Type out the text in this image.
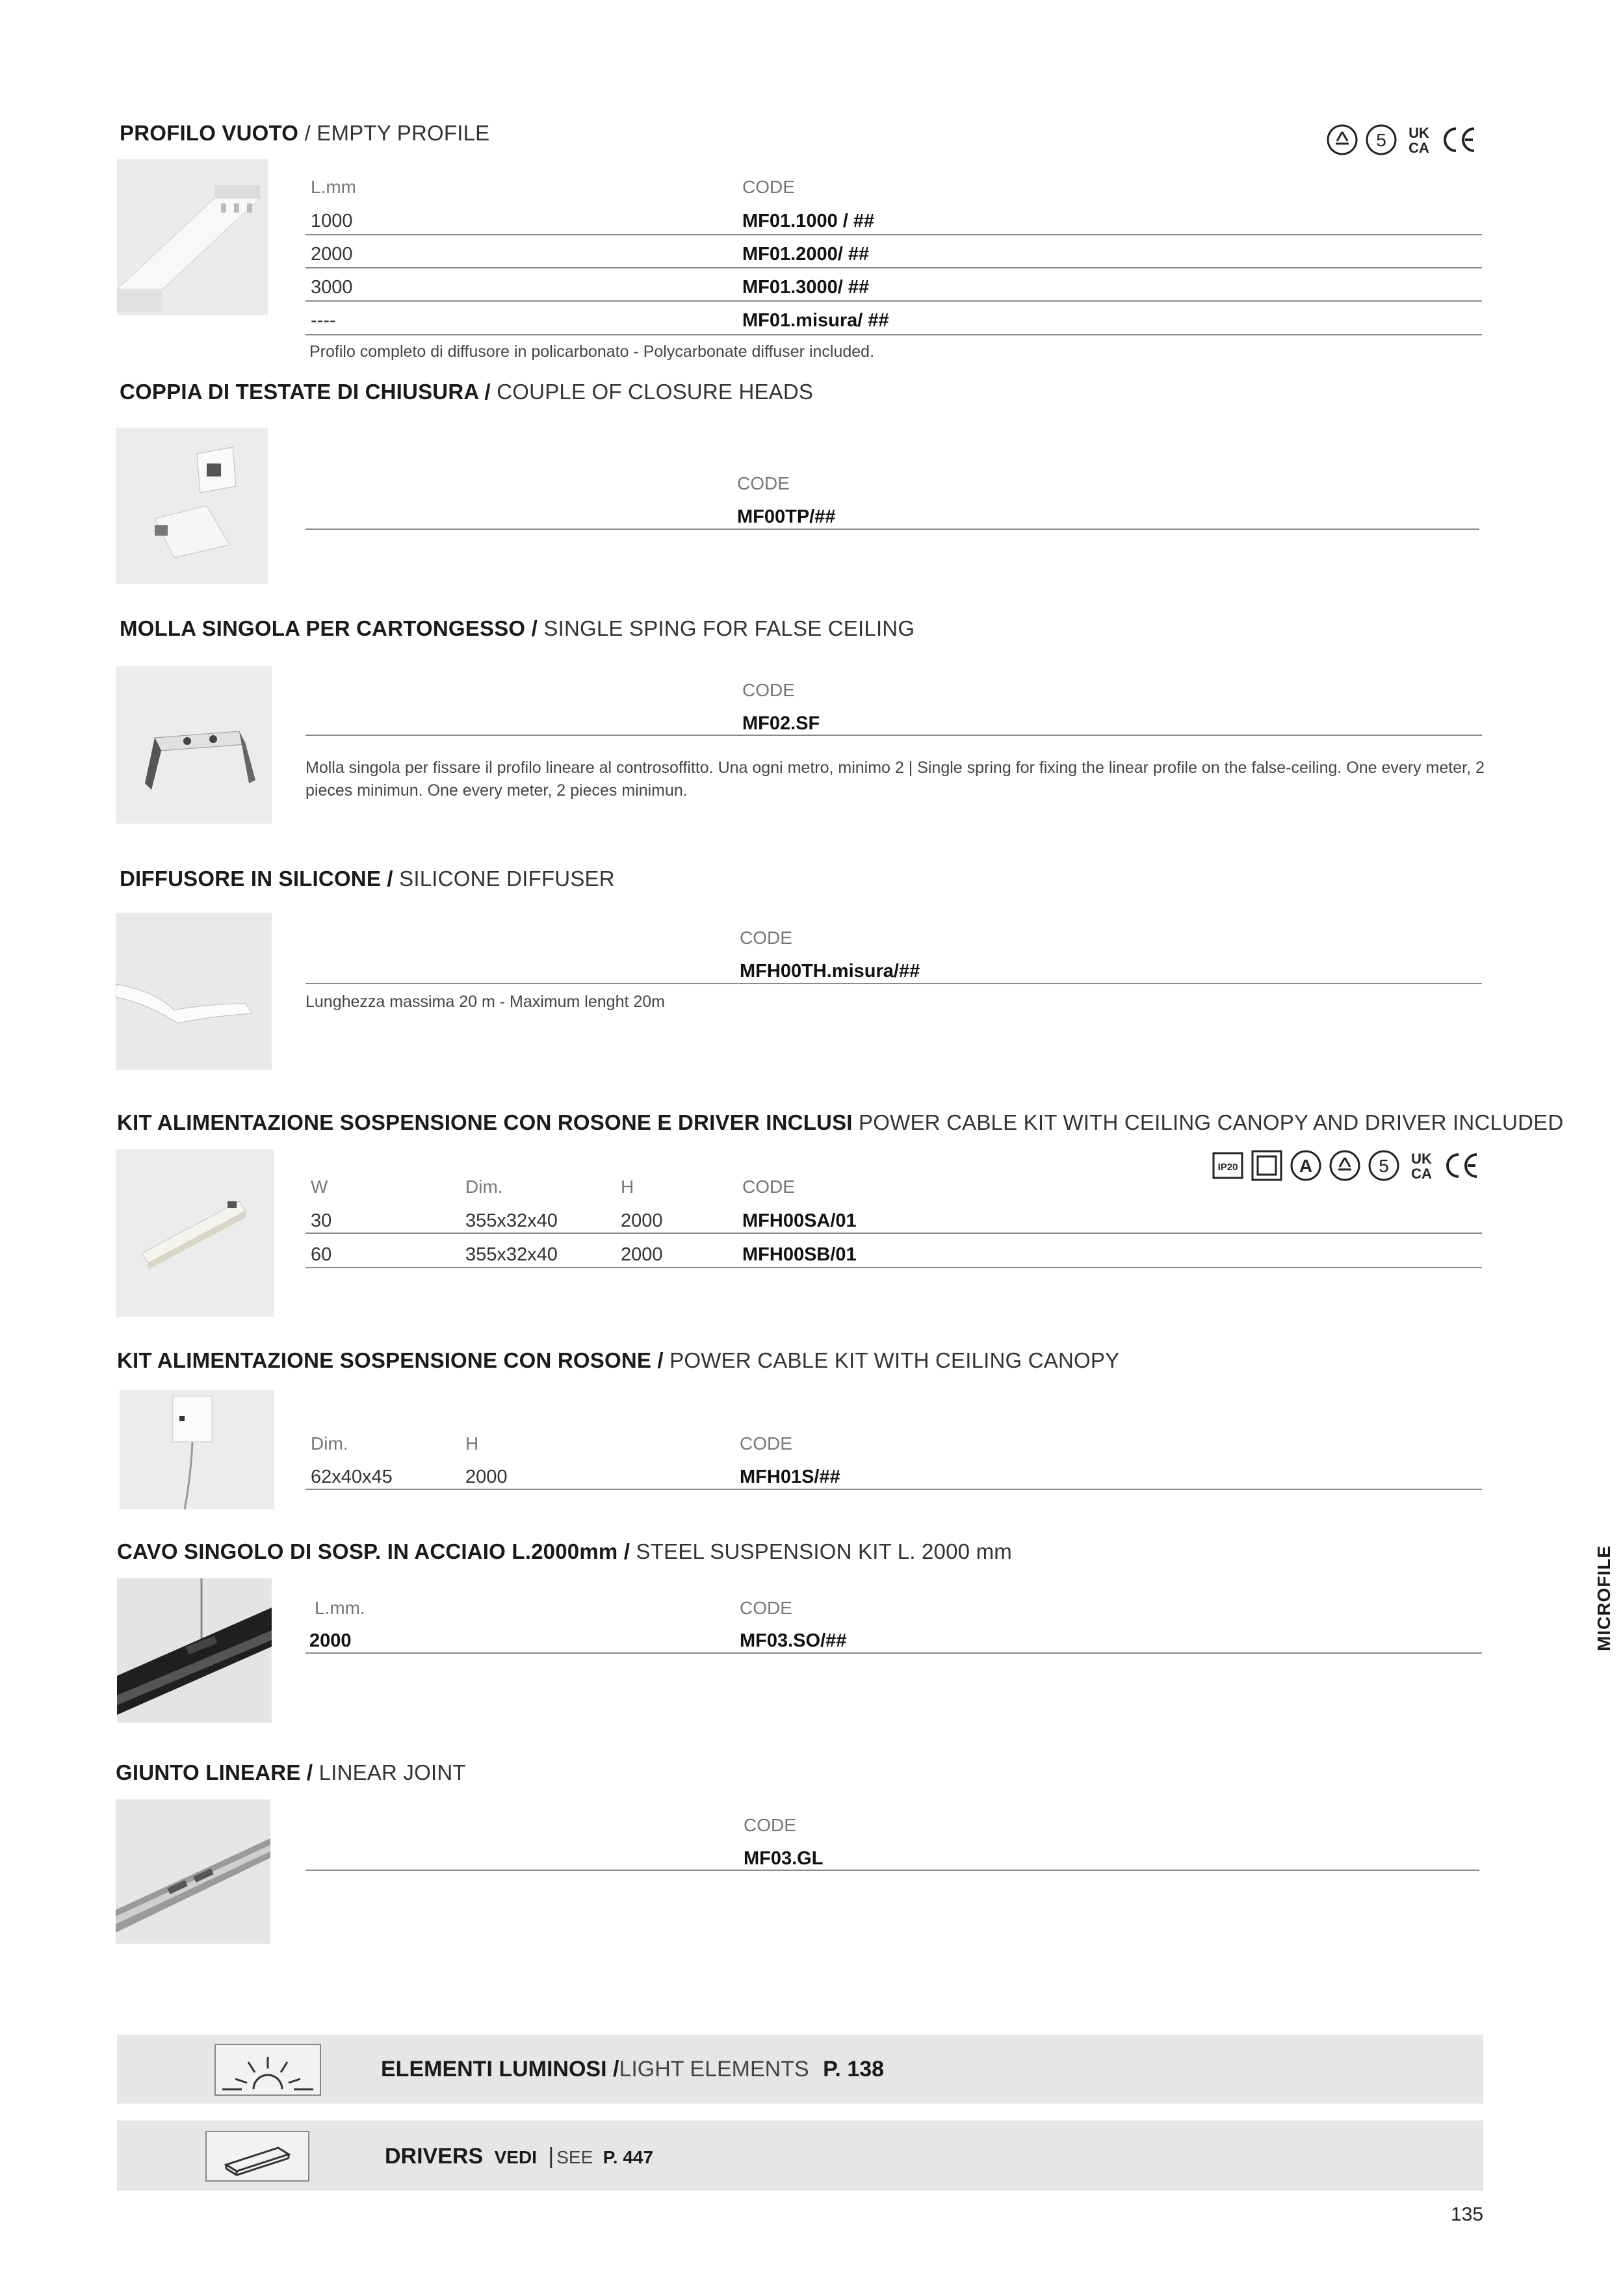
PROFILO VUOTO / EMPTY PROFILE	5 UK
CA
L.mm	CODE
1000	MF01.1000 / ##
2000	MF01.2000/ ##
3000	MF01.3000/ ##
----	MF01.misura/ ##
Profilo completo di diffusore in policarbonato - Polycarbonate diffuser included.
COPPIA DI TESTATE DI CHIUSURA / COUPLE OF CLOSURE HEADS
CODE
MF00TP/##
MOLLA SINGOLA PER CARTONGESSO / SINGLE SPING FOR FALSE CEILING
CODE
MF02.SF
Molla singola per fissare il profilo lineare al controsoffitto. Una ogni metro, minimo 2 | Single spring for fixing the linear profile on the false-ceiling. One every meter, 2 pieces minimun. One every meter, 2 pieces minimun.
DIFFUSORE IN SILICONE / SILICONE DIFFUSER
CODE
MFH00TH.misura/##
Lunghezza massima 20 m - Maximum lenght 20m
KIT ALIMENTAZIONE SOSPENSIONE CON ROSONE E DRIVER INCLUSI POWER CABLE KIT WITH CEILING CANOPY AND DRIVER INCLUDED
IP20	A	5 UK
CA
W	Dim.	H	CODE
30	355x32x40	2000	MFH00SA/01
60	355x32x40	2000	MFH00SB/01
KIT ALIMENTAZIONE SOSPENSIONE CON ROSONE / POWER CABLE KIT WITH CEILING CANOPY
Dim.	H	CODE
62x40x45	2000	MFH01S/##
CAVO SINGOLO DI SOSP. IN ACCIAIO L.2000mm / STEEL SUSPENSION KIT L. 2000 mm
L.mm.	CODE
2000	MF03.SO/##
GIUNTO LINEARE / LINEAR JOINT
CODE
MF03.GL
ELEMENTI LUMINOSI /LIGHT ELEMENTS P. 138
DRIVERS VEDI | SEE P. 447
MICROFILE
135
